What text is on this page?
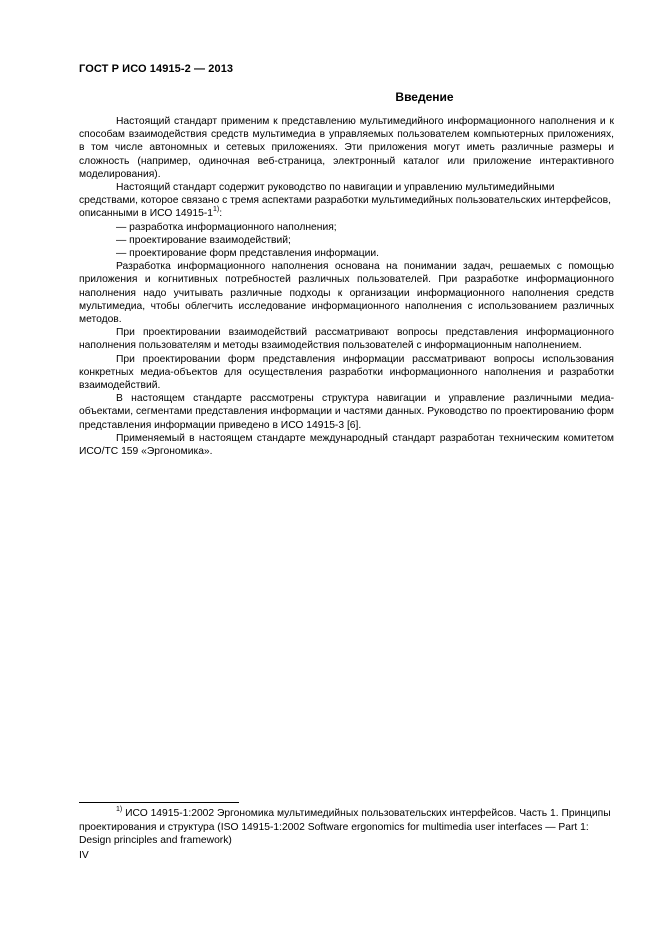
ГОСТ Р ИСО 14915-2 — 2013
Введение

Настоящий стандарт применим к представлению мультимедийного информационного наполнения и к способам взаимодействия средств мультимедиа в управляемых пользователем компьютерных приложениях, в том числе автономных и сетевых приложениях. Эти приложения могут иметь различные размеры и сложность (например, одиночная веб-страница, электронный каталог или приложение интерактивного моделирования).

Настоящий стандарт содержит руководство по навигации и управлению мультимедийными средствами, которое связано с тремя аспектами разработки мультимедийных пользовательских интерфейсов, описанными в ИСО 14915-1$^{1)}$:

— разработка информационного наполнения;

— проектирование взаимодействий;

— проектирование форм представления информации.

Разработка информационного наполнения основана на понимании задач, решаемых с помощью приложения и когнитивных потребностей различных пользователей. При разработке информационного наполнения надо учитывать различные подходы к организации информационного наполнения средств мультимедиа, чтобы облегчить исследование информационного наполнения с использованием различных методов.

При проектировании взаимодействий рассматривают вопросы представления информационного наполнения пользователям и методы взаимодействия пользователей с информационным наполнением.

При проектировании форм представления информации рассматривают вопросы использования конкретных медиа-объектов для осуществления разработки информационного наполнения и разработки взаимодействий.

В настоящем стандарте рассмотрены структура навигации и управление различными медиа-объектами, сегментами представления информации и частями данных. Руководство по проектированию форм представления информации приведено в ИСО 14915-3 [6].

Применяемый в настоящем стандарте международный стандарт разработан техническим комитетом ИСО/ТС 159 «Эргономика».

$^{1)}$ ИСО 14915-1:2002 Эргономика мультимедийных пользовательских интерфейсов. Часть 1. Принципы проектирования и структура (ISO 14915-1:2002 Software ergonomics for multimedia user interfaces — Part 1: Design principles and framework)

IV
